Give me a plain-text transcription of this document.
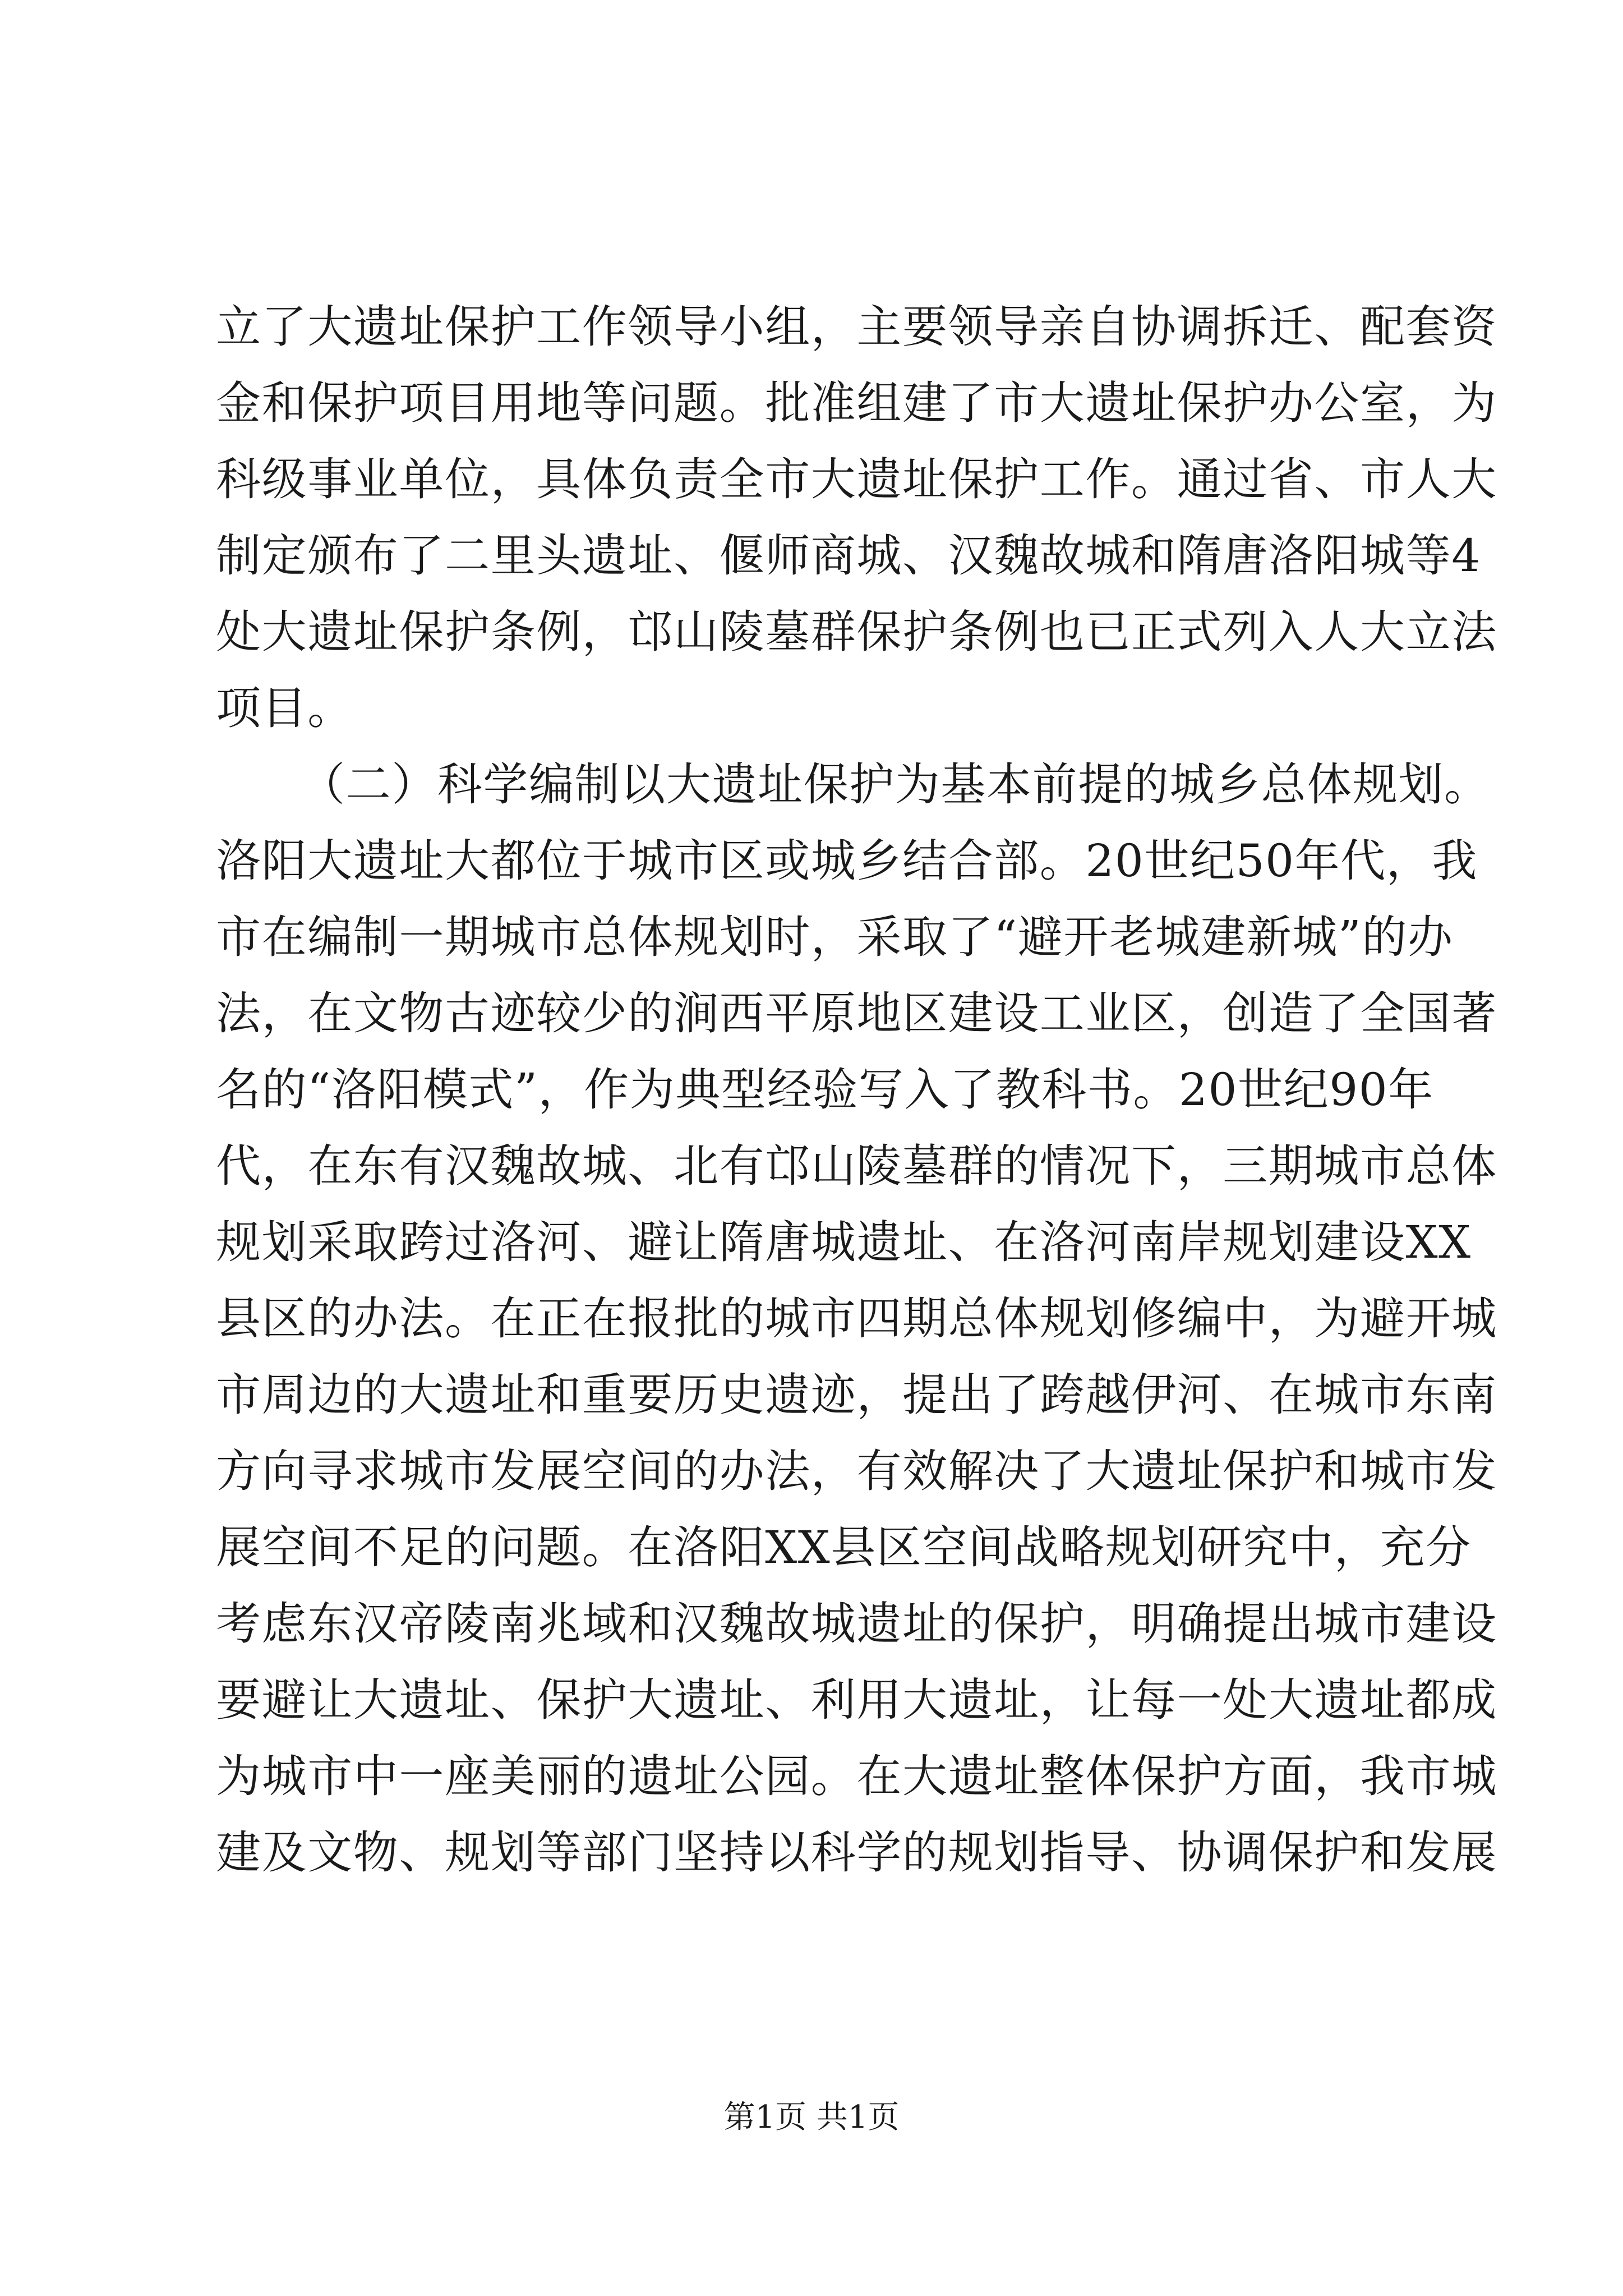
立了大遗址保护工作领导小组，主要领导亲自协调拆迁、配套资
金和保护项目用地等问题。批准组建了市大遗址保护办公室，为
科级事业单位，具体负责全市大遗址保护工作。通过省、市人大
制定颁布了二里头遗址、偃师商城、汉魏故城和隋唐洛阳城等4
处大遗址保护条例，邙山陵墓群保护条例也已正式列入人大立法
项目。
（二）科学编制以大遗址保护为基本前提的城乡总体规划。
洛阳大遗址大都位于城市区或城乡结合部。20世纪50年代，我
市在编制一期城市总体规划时，采取了“避开老城建新城”的办
法，在文物古迹较少的涧西平原地区建设工业区，创造了全国著
名的“洛阳模式”，作为典型经验写入了教科书。20世纪90年
代，在东有汉魏故城、北有邙山陵墓群的情况下，三期城市总体
规划采取跨过洛河、避让隋唐城遗址、在洛河南岸规划建设XX
县区的办法。在正在报批的城市四期总体规划修编中，为避开城
市周边的大遗址和重要历史遗迹，提出了跨越伊河、在城市东南
方向寻求城市发展空间的办法，有效解决了大遗址保护和城市发
展空间不足的问题。在洛阳XX县区空间战略规划研究中，充分
考虑东汉帝陵南兆域和汉魏故城遗址的保护，明确提出城市建设
要避让大遗址、保护大遗址、利用大遗址，让每一处大遗址都成
为城市中一座美丽的遗址公园。在大遗址整体保护方面，我市城
建及文物、规划等部门坚持以科学的规划指导、协调保护和发展
第1页 共1页
